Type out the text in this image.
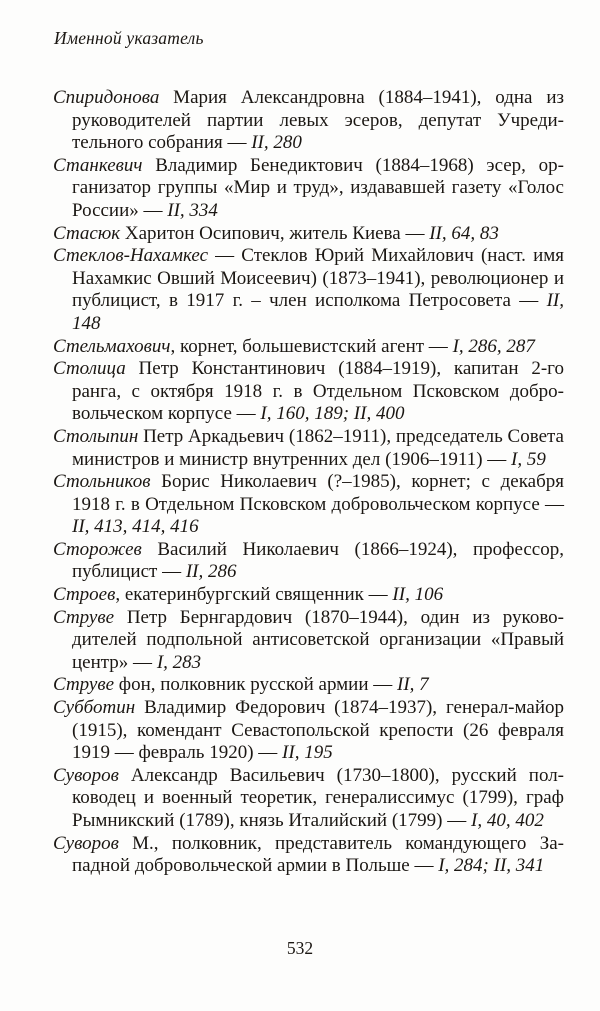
Именной указатель
Спиридонова Мария Александровна (1884–1941), одна из руководителей партии левых эсеров, депутат Учредительного собрания — II, 280
Станкевич Владимир Бенедиктович (1884–1968) эсер, организатор группы «Мир и труд», издававшей газету «Голос России» — II, 334
Стасюк Харитон Осипович, житель Киева — II, 64, 83
Стеклов-Нахамкес — Стеклов Юрий Михайлович (наст. имя Нахамкис Овший Моисеевич) (1873–1941), революционер и публицист, в 1917 г. – член исполкома Петросовета — II, 148
Стельмахович, корнет, большевистский агент — I, 286, 287
Столица Петр Константинович (1884–1919), капитан 2-го ранга, с октября 1918 г. в Отдельном Псковском добровольческом корпусе — I, 160, 189; II, 400
Столыпин Петр Аркадьевич (1862–1911), председатель Совета министров и министр внутренних дел (1906–1911) — I, 59
Стольников Борис Николаевич (?–1985), корнет; с декабря 1918 г. в Отдельном Псковском добровольческом корпусе — II, 413, 414, 416
Сторожев Василий Николаевич (1866–1924), профессор, публицист — II, 286
Строев, екатеринбургский священник — II, 106
Струве Петр Бернгардович (1870–1944), один из руководителей подпольной антисоветской организации «Правый центр» — I, 283
Струве фон, полковник русской армии — II, 7
Субботин Владимир Федорович (1874–1937), генерал-майор (1915), комендант Севастопольской крепости (26 февраля 1919 — февраль 1920) — II, 195
Суворов Александр Васильевич (1730–1800), русский полководец и военный теоретик, генералиссимус (1799), граф Рымникский (1789), князь Италийский (1799) — I, 40, 402
Суворов М., полковник, представитель командующего Западной добровольческой армии в Польше — I, 284; II, 341
532
